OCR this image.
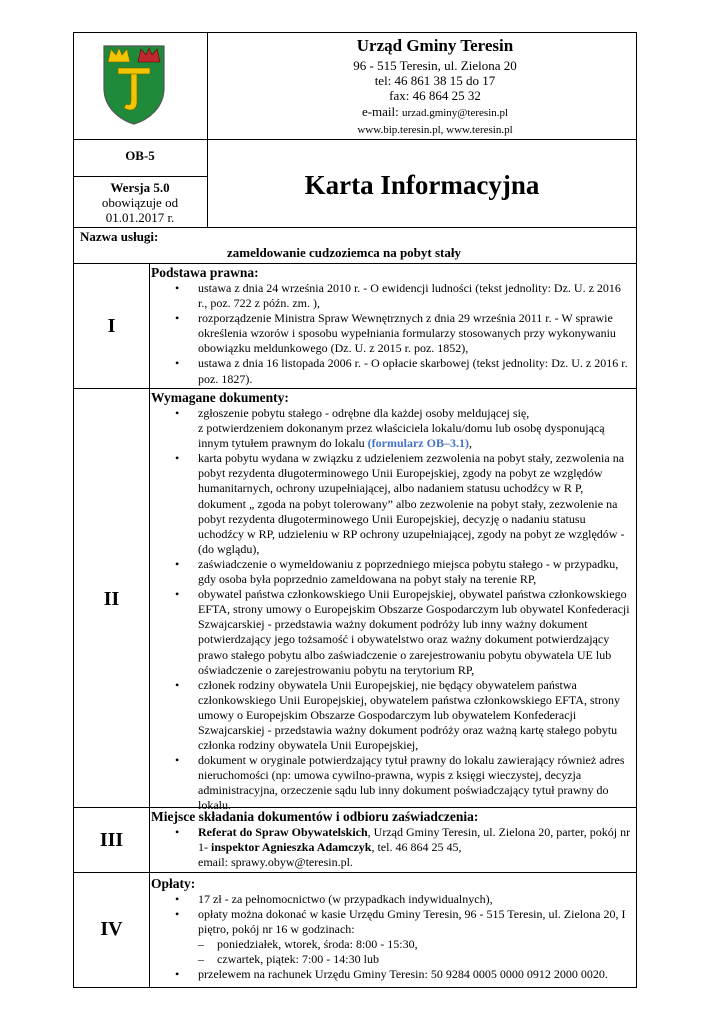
Urząd Gminy Teresin
96 - 515 Teresin, ul. Zielona 20
tel: 46 861 38 15 do 17
fax: 46 864 25 32
e-mail: urzad.gminy@teresin.pl
www.bip.teresin.pl, www.teresin.pl
OB-5
Wersja 5.0
obowiązuje od
01.01.2017 r.
Karta Informacyjna
Nazwa usługi:
zameldowanie cudzoziemca na pobyt stały
I
II
III
IV
Podstawa prawna:
• ustawa z dnia 24 września 2010 r. - O ewidencji ludności (tekst jednolity: Dz. U. z 2016 r., poz. 722 z późn. zm. ),
• rozporządzenie Ministra Spraw Wewnętrznych z dnia 29 września 2011 r. - W sprawie określenia wzorów i sposobu wypełniania formularzy stosowanych przy wykonywaniu obowiązku meldunkowego (Dz. U. z 2015 r. poz. 1852),
• ustawa z dnia 16 listopada 2006 r. - O opłacie skarbowej (tekst jednolity: Dz. U. z 2016 r. poz. 1827).
Wymagane dokumenty:
• zgłoszenie pobytu stałego - odrębne dla każdej osoby meldującej się,
z potwierdzeniem dokonanym przez właściciela lokalu/domu lub osobę dysponującą innym tytułem prawnym do lokalu (formularz OB–3.1),
• karta pobytu wydana w związku z udzieleniem zezwolenia na pobyt stały, zezwolenia na pobyt rezydenta długoterminowego Unii Europejskiej, zgody na pobyt ze względów humanitarnych, ochrony uzupełniającej, albo nadaniem statusu uchodźcy w R P, dokument „ zgoda na pobyt tolerowany” albo zezwolenie na pobyt stały, zezwolenie na pobyt rezydenta długoterminowego Unii Europejskiej, decyzję o nadaniu statusu uchodźcy w RP, udzieleniu w RP ochrony uzupełniającej, zgody na pobyt ze względów - (do wglądu),
• zaświadczenie o wymeldowaniu z poprzedniego miejsca pobytu stałego - w przypadku, gdy osoba była poprzednio zameldowana na pobyt stały na terenie RP,
• obywatel państwa członkowskiego Unii Europejskiej, obywatel państwa członkowskiego EFTA, strony umowy o Europejskim Obszarze Gospodarczym lub obywatel Konfederacji Szwajcarskiej - przedstawia ważny dokument podróży lub inny ważny dokument potwierdzający jego tożsamość i obywatelstwo oraz ważny dokument potwierdzający prawo stałego pobytu albo zaświadczenie o zarejestrowaniu pobytu obywatela UE lub oświadczenie o zarejestrowaniu pobytu na terytorium RP,
• członek rodziny obywatela Unii Europejskiej, nie będący obywatelem państwa członkowskiego Unii Europejskiej, obywatelem państwa członkowskiego EFTA, strony umowy o Europejskim Obszarze Gospodarczym lub obywatelem Konfederacji Szwajcarskiej - przedstawia ważny dokument podróży oraz ważną kartę stałego pobytu członka rodziny obywatela Unii Europejskiej,
• dokument w oryginale potwierdzający tytuł prawny do lokalu zawierający również adres nieruchomości (np: umowa cywilno-prawna, wypis z księgi wieczystej, decyzja administracyjna, orzeczenie sądu lub inny dokument poświadczający tytuł prawny do lokalu.
Miejsce składania dokumentów i odbioru zaświadczenia:
• Referat do Spraw Obywatelskich, Urząd Gminy Teresin, ul. Zielona 20, parter, pokój nr 1- inspektor Agnieszka Adamczyk, tel. 46 864 25 45,
email: sprawy.obyw@teresin.pl.
Opłaty:
• 17 zł - za pełnomocnictwo (w przypadkach indywidualnych),
• opłaty można dokonać w kasie Urzędu Gminy Teresin, 96 - 515 Teresin, ul. Zielona 20, I piętro, pokój nr 16 w godzinach:
– poniedziałek, wtorek, środa: 8:00 - 15:30,
– czwartek, piątek: 7:00 - 14:30 lub
• przelewem na rachunek Urzędu Gminy Teresin: 50 9284 0005 0000 0912 2000 0020.
